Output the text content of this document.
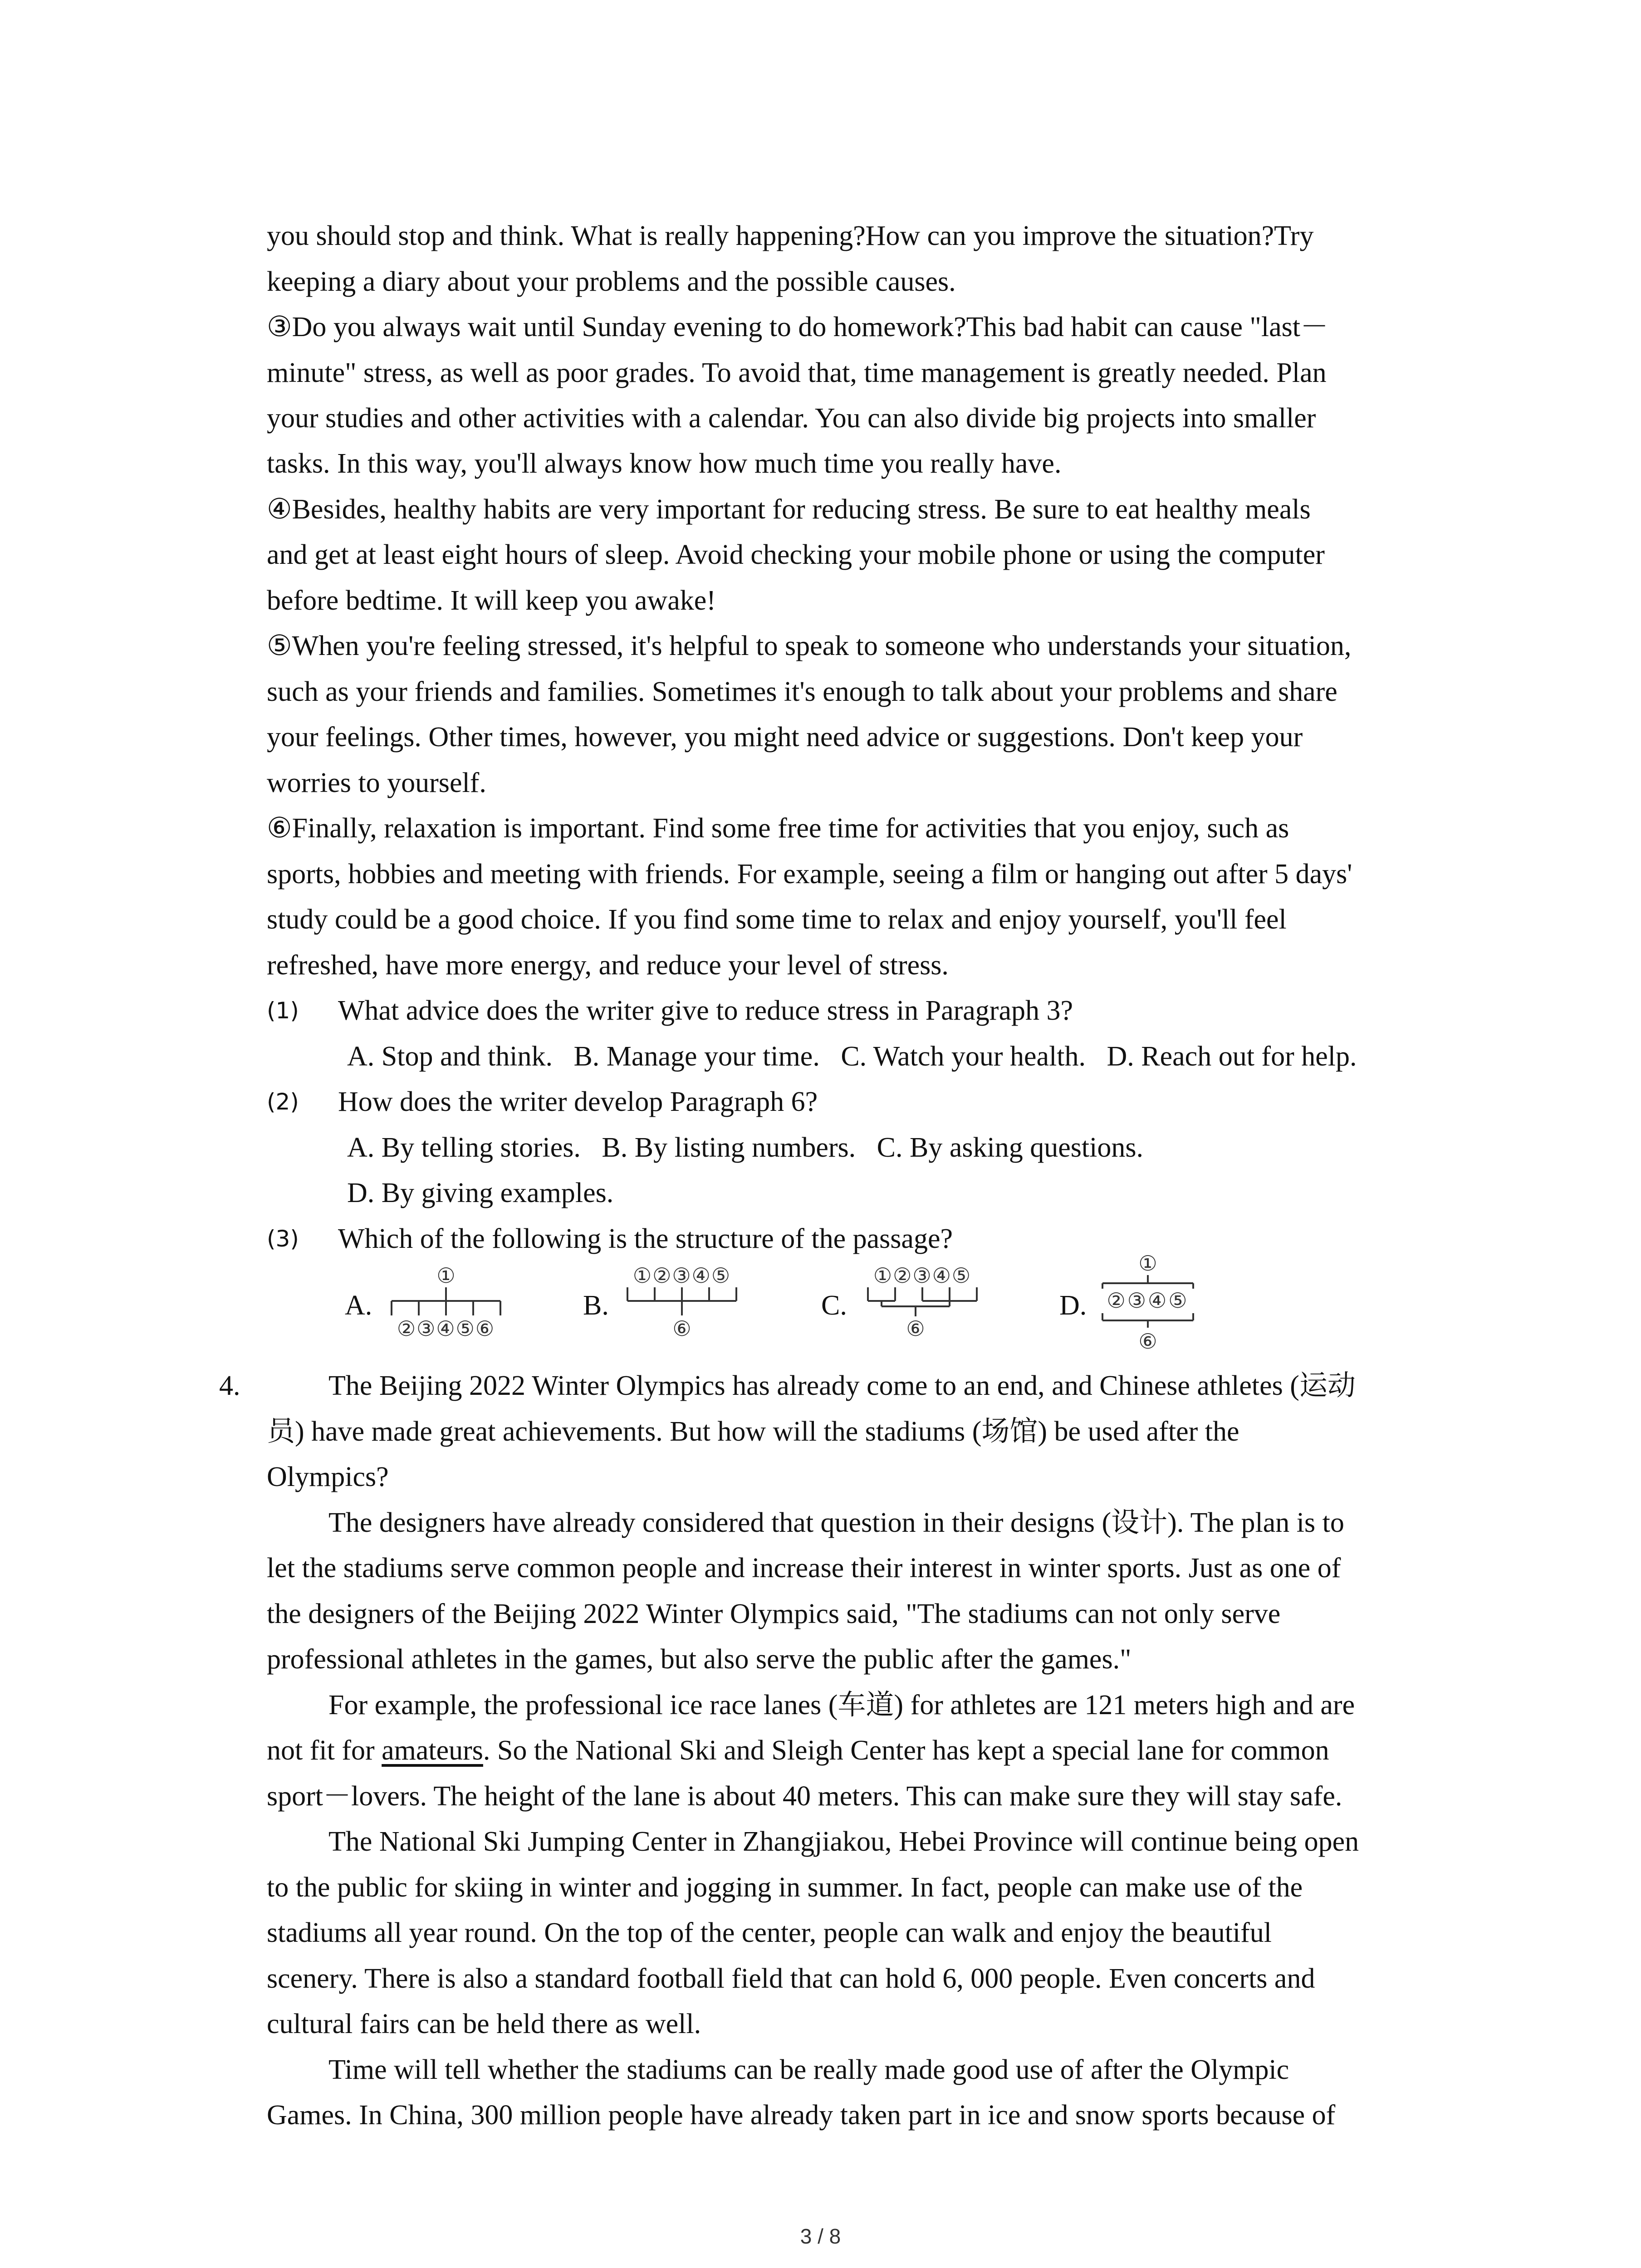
you should stop and think. What is really happening?How can you improve the situation?Try
keeping a diary about your problems and the possible causes.
③Do you always wait until Sunday evening to do homework?This bad habit can cause "last－
minute" stress, as well as poor grades. To avoid that, time management is greatly needed. Plan
your studies and other activities with a calendar. You can also divide big projects into smaller
tasks. In this way, you'll always know how much time you really have.
④Besides, healthy habits are very important for reducing stress. Be sure to eat healthy meals
and get at least eight hours of sleep. Avoid checking your mobile phone or using the computer
before bedtime. It will keep you awake!
⑤When you're feeling stressed, it's helpful to speak to someone who understands your situation,
such as your friends and families. Sometimes it's enough to talk about your problems and share
your feelings. Other times, however, you might need advice or suggestions. Don't keep your
worries to yourself.
⑥Finally, relaxation is important. Find some free time for activities that you enjoy, such as
sports, hobbies and meeting with friends. For example, seeing a film or hanging out after 5 days'
study could be a good choice. If you find some time to relax and enjoy yourself, you'll feel
refreshed, have more energy, and reduce your level of stress.
(1) What advice does the writer give to reduce stress in Paragraph 3?
A. Stop and think.   B. Manage your time.   C. Watch your health.   D. Reach out for help.
(2) How does the writer develop Paragraph 6?
A. By telling stories.   B. By listing numbers.   C. By asking questions.
D. By giving examples.
(3) Which of the following is the structure of the passage?
A.
①
②③④⑤⑥
B.
①②③④⑤
⑥
C.
①②③④⑤
⑥
D.
①
②③④⑤
⑥
4.	The Beijing 2022 Winter Olympics has already come to an end, and Chinese athletes (运动
员) have made great achievements. But how will the stadiums (场馆) be used after the
Olympics?
The designers have already considered that question in their designs (设计). The plan is to
let the stadiums serve common people and increase their interest in winter sports. Just as one of
the designers of the Beijing 2022 Winter Olympics said, "The stadiums can not only serve
professional athletes in the games, but also serve the public after the games."
For example, the professional ice race lanes (车道) for athletes are 121 meters high and are
not fit for amateurs. So the National Ski and Sleigh Center has kept a special lane for common
sport－lovers. The height of the lane is about 40 meters. This can make sure they will stay safe.
The National Ski Jumping Center in Zhangjiakou, Hebei Province will continue being open
to the public for skiing in winter and jogging in summer. In fact, people can make use of the
stadiums all year round. On the top of the center, people can walk and enjoy the beautiful
scenery. There is also a standard football field that can hold 6, 000 people. Even concerts and
cultural fairs can be held there as well.
Time will tell whether the stadiums can be really made good use of after the Olympic
Games. In China, 300 million people have already taken part in ice and snow sports because of
3 / 8
